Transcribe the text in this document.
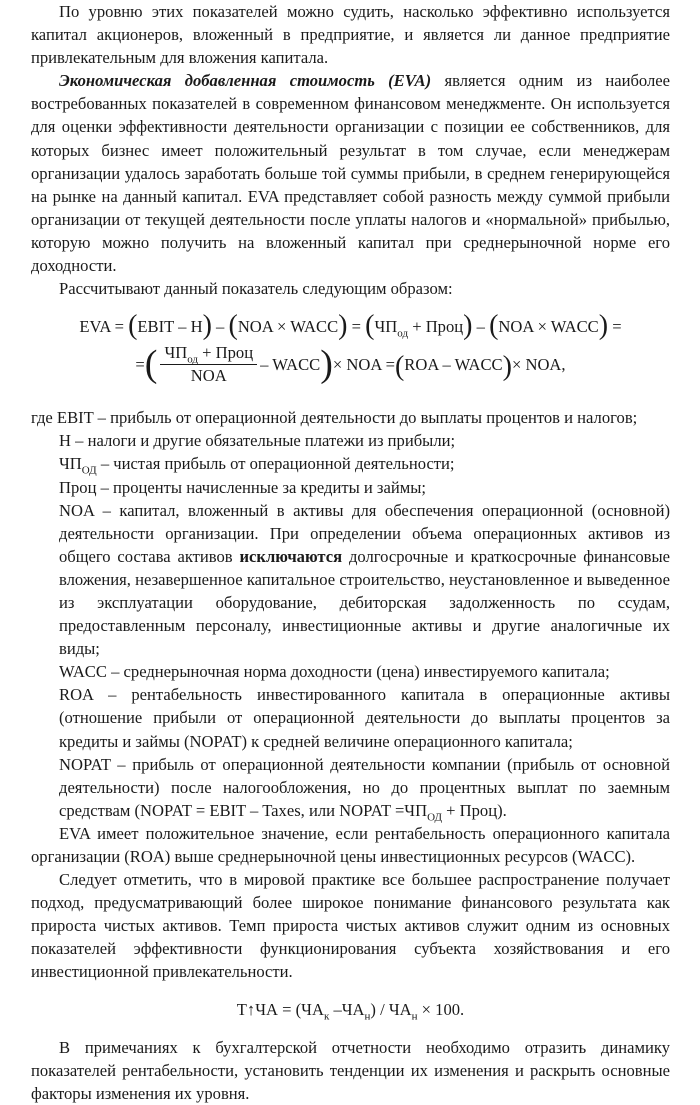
По уровню этих показателей можно судить, насколько эффективно используется капитал акционеров, вложенный в предприятие, и является ли данное предприятие привлекательным для вложения капитала.

Экономическая добавленная стоимость (EVA) является одним из наиболее востребованных показателей в современном финансовом менеджменте. Он используется для оценки эффективности деятельности организации с позиции ее собственников, для которых бизнес имеет положительный результат в том случае, если менеджерам организации удалось заработать больше той суммы прибыли, в среднем генерирующейся на рынке на данный капитал. EVA представляет собой разность между суммой прибыли организации от текущей деятельности после уплаты налогов и «нормальной» прибылью, которую можно получить на вложенный капитал при среднерыночной норме его доходности.

Рассчитывают данный показатель следующим образом:

EVA = (EBIT – Н) – (NOA × WACC) = ($ЧП_{од}$ + Проц) – (NOA × WACC) =
= ( $\frac{ЧП_{од} + Проц}{\text{NOA}}$ – WACC ) × NOA = ( ROA – WACC ) × NOA,

где EBIT – прибыль от операционной деятельности до выплаты процентов и налогов;

Н – налоги и другие обязательные платежи из прибыли;

$ЧП_{ОД}$ – чистая прибыль от операционной деятельности;

Проц – проценты начисленные за кредиты и займы;

NOA – капитал, вложенный в активы для обеспечения операционной (основной) деятельности организации. При определении объема операционных активов из общего состава активов исключаются долгосрочные и краткосрочные финансовые вложения, незавершенное капитальное строительство, неустановленное и выведенное из эксплуатации оборудование, дебиторская задолженность по ссудам, предоставленным персоналу, инвестиционные активы и другие аналогичные их виды;

WACC – среднерыночная норма доходности (цена) инвестируемого капитала;

ROA – рентабельность инвестированного капитала в операционные активы (отношение прибыли от операционной деятельности до выплаты процентов за кредиты и займы (NOPAT) к средней величине операционного капитала;

NOPAT – прибыль от операционной деятельности компании (прибыль от основной деятельности) после налогообложения, но до процентных выплат по заемным средствам (NOPAT = EBIT – Taxes, или NOPAT $=ЧП_{ОД}$ + Проц).

EVA имеет положительное значение, если рентабельность операционного капитала организации (ROA) выше среднерыночной цены инвестиционных ресурсов (WACC).

Следует отметить, что в мировой практике все большее распространение получает подход, предусматривающий более широкое понимание финансового результата как прироста чистых активов. Темп прироста чистых активов служит одним из основных показателей эффективности функционирования субъекта хозяйствования и его инвестиционной привлекательности.

Т↑ЧА = ($ЧА_к$ $-ЧА_н) / ЧА_н \times 100$.

В примечаниях к бухгалтерской отчетности необходимо отразить динамику показателей рентабельности, установить тенденции их изменения и раскрыть основные факторы изменения их уровня.
